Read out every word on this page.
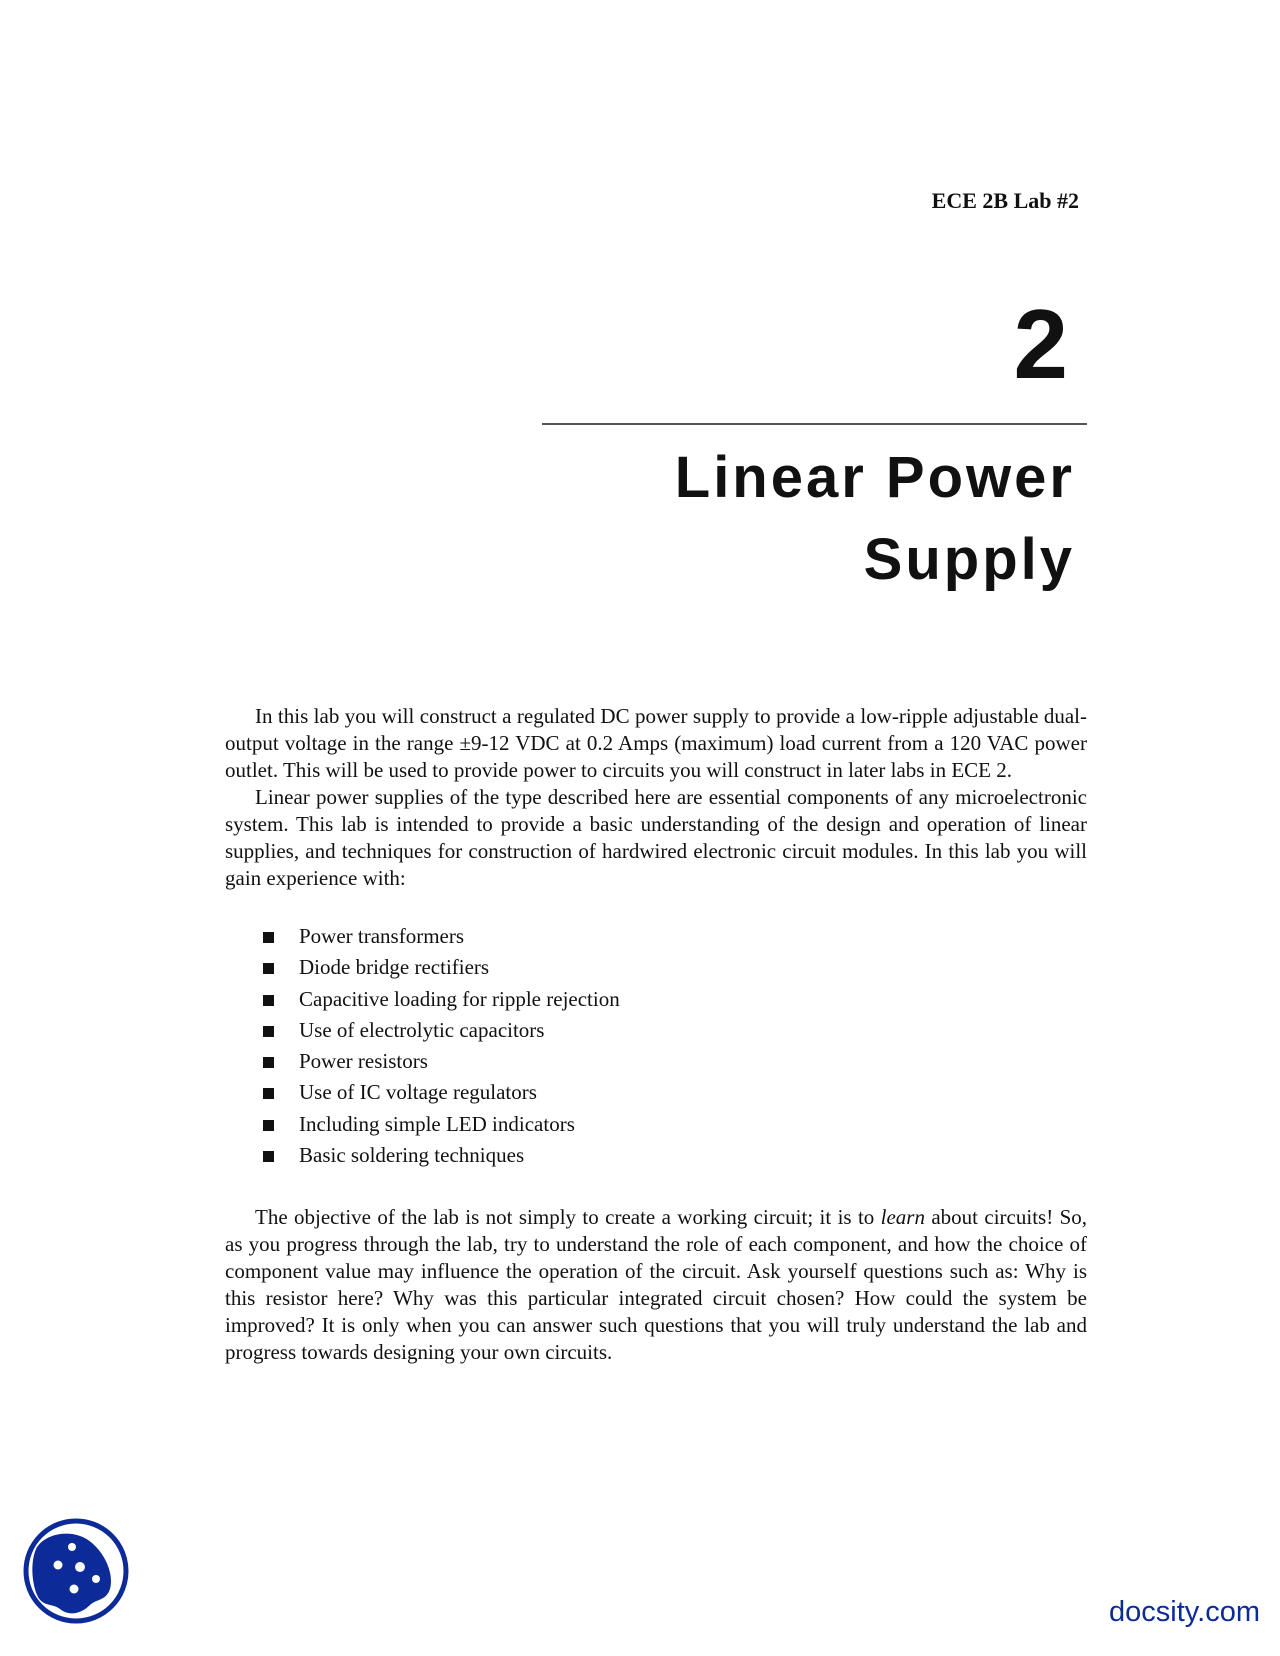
ECE 2B Lab #2
2
Linear Power
Supply

In this lab you will construct a regulated DC power supply to provide a low-ripple adjustable dual-output voltage in the range ±9-12 VDC at 0.2 Amps (maximum) load current from a 120 VAC power outlet. This will be used to provide power to circuits you will construct in later labs in ECE 2.

Linear power supplies of the type described here are essential components of any microelectronic system. This lab is intended to provide a basic understanding of the design and operation of linear supplies, and techniques for construction of hardwired electronic circuit modules. In this lab you will gain experience with:

Power transformers
Diode bridge rectifiers
Capacitive loading for ripple rejection
Use of electrolytic capacitors
Power resistors
Use of IC voltage regulators
Including simple LED indicators
Basic soldering techniques

The objective of the lab is not simply to create a working circuit; it is to learn about circuits! So, as you progress through the lab, try to understand the role of each component, and how the choice of component value may influence the operation of the circuit. Ask yourself questions such as: Why is this resistor here? Why was this particular integrated circuit chosen? How could the system be improved? It is only when you can answer such questions that you will truly understand the lab and progress towards designing your own circuits.

docsity.com
